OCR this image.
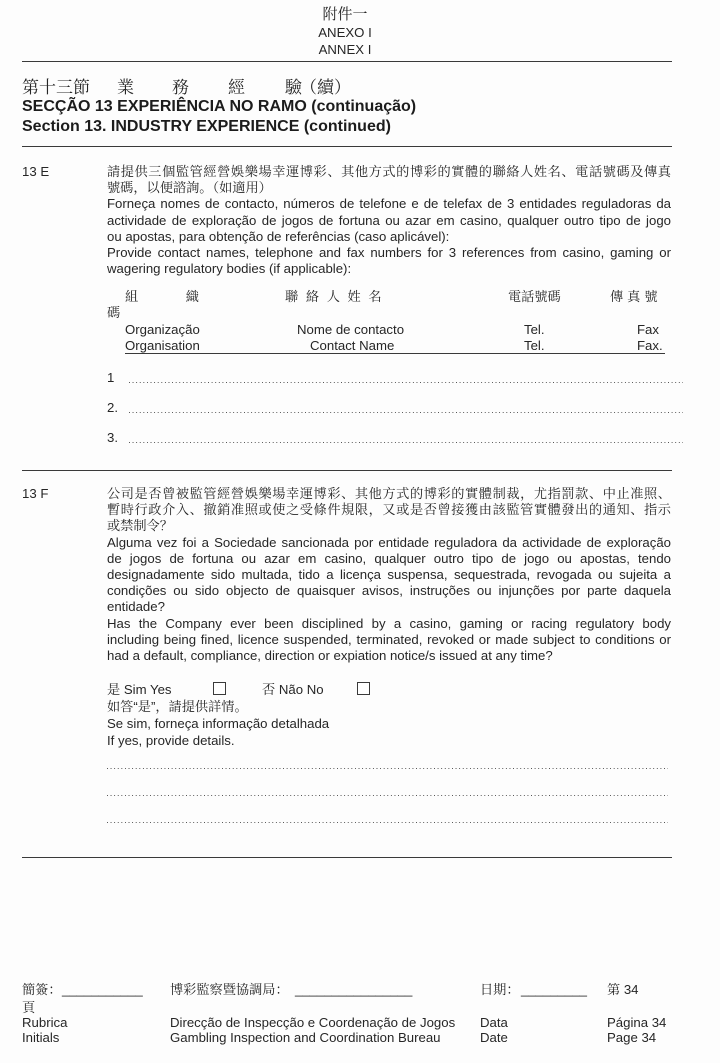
附件一
ANEXO I
ANNEX I
第十三節 業 務 經 驗
（續）
SECÇÃO 13 EXPERIÊNCIA NO RAMO (continuação)
Section 13. INDUSTRY EXPERIENCE (continued)
13 E	請提供三個監管經營娛樂場幸運博彩、其他方式的博彩的實體的聯絡人姓名、電話號碼及傳真
號碼，以便諮詢。（如適用）
Forneça nomes de contacto, números de telefone e de telefax de 3 entidades reguladoras da
actividade de exploração de jogos de fortuna ou azar em casino, qualquer outro tipo de jogo
ou apostas, para obtenção de referências (caso aplicável):
Provide contact names, telephone and fax numbers for 3 references from casino, gaming or
wagering regulatory bodies (if applicable):
組　　　織	聯 絡 人 姓 名	電話號碼	傳真號
碼
Organização	Nome de contacto	Tel.	Fax
Organisation	Contact Name	Tel.	Fax.
1
2.
3.
13 F	公司是否曾被監管經營娛樂場幸運博彩、其他方式的博彩的實體制裁，尤指罰款、中止准照、
暫時行政介入、撤銷准照或使之受條件規限，又或是否曾接獲由該監管實體發出的通知、指示
或禁制令？
Alguma vez foi a Sociedade sancionada por entidade reguladora da actividade de exploração
de jogos de fortuna ou azar em casino, qualquer outro tipo de jogo ou apostas, tendo
designadamente sido multada, tido a licença suspensa, sequestrada, revogada ou sujeita a
condições ou sido objecto de quaisquer avisos, instruções ou injunções por parte daquela
entidade?
Has the Company ever been disciplined by a casino, gaming or racing regulatory body
including being fined, licence suspended, terminated, revoked or made subject to conditions or
had a default, compliance, direction or expiation notice/s issued at any time?
是 Sim Yes	否 Não No
如答“是”，請提供詳情。
Se sim, forneça informação detalhada
If yes, provide details.
簡簽： ___________ 博彩監察暨協調局： ________________	日期： _________ 第 34
頁
Rubrica	Direcção de Inspecção e Coordenação de Jogos Data	Página 34
Initials	Gambling Inspection and Coordination Bureau	Date	Page 34
